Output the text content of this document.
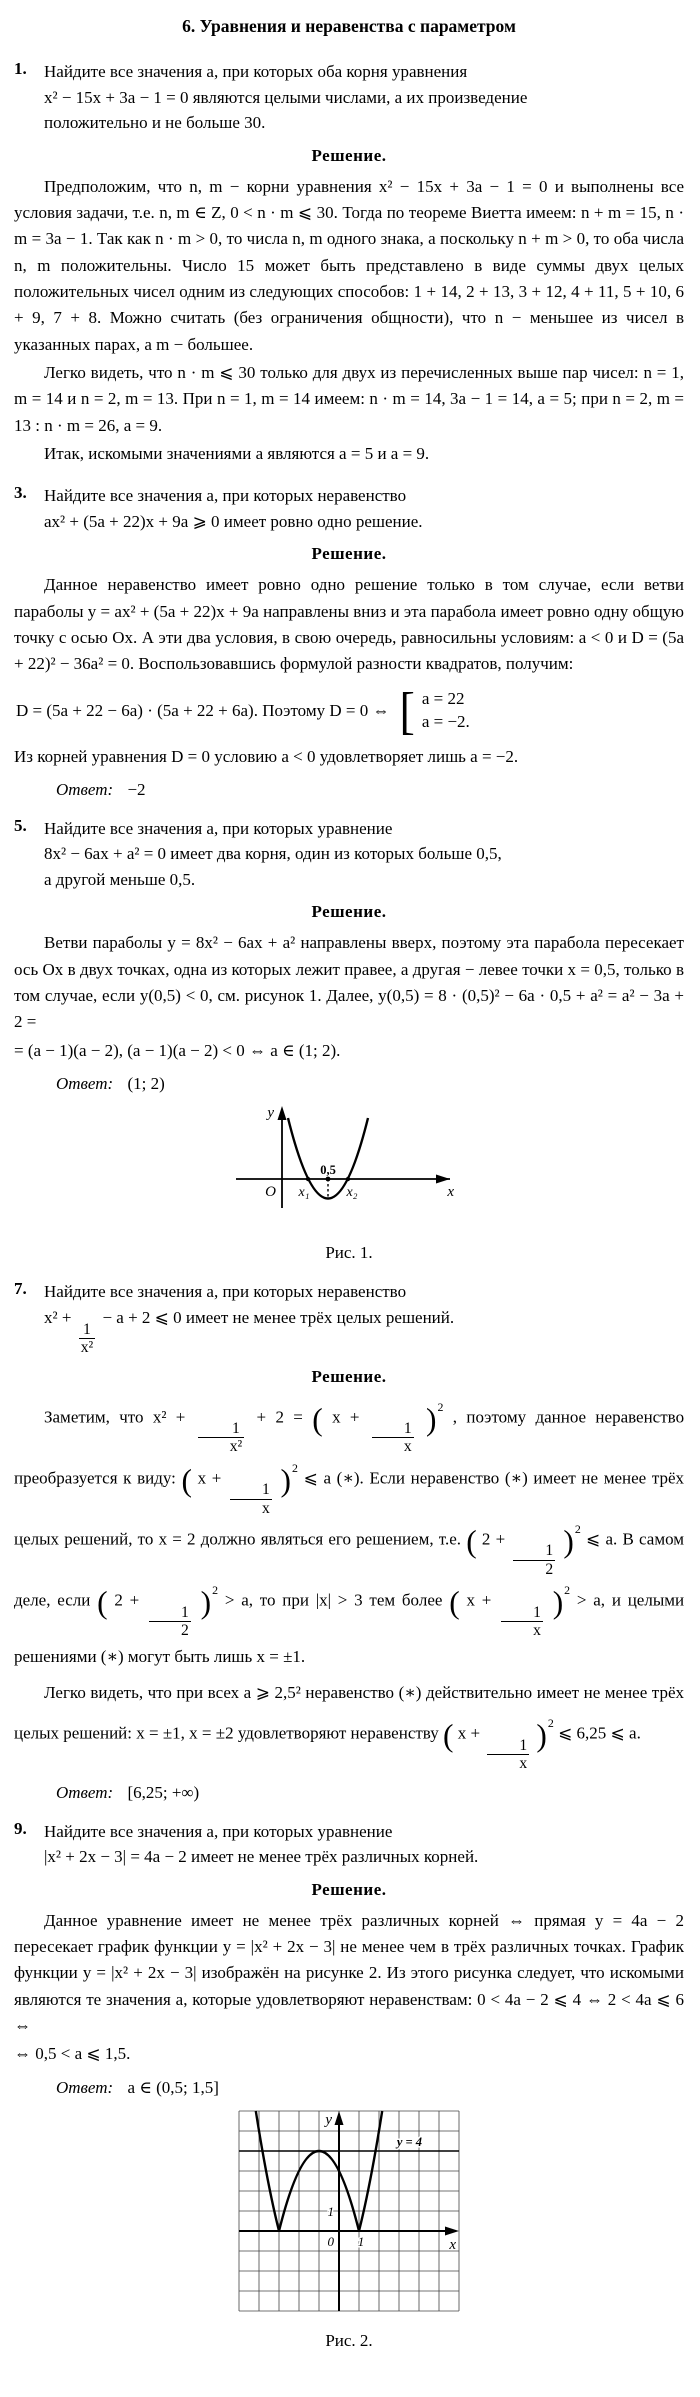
6. Уравнения и неравенства с параметром
1.	Найдите все значения a, при которых оба корня уравнения
x² − 15x + 3a − 1 = 0 являются целыми числами, а их произведение
положительно и не больше 30.
Решение.

Предположим, что n, m − корни уравнения x² − 15x + 3a − 1 = 0 и выполнены все условия задачи, т.е. n, m ∈ Z, 0 < n · m ⩽ 30. Тогда по теореме Виетта имеем: n + m = 15, n · m = 3a − 1. Так как n · m > 0, то числа n, m одного знака, а поскольку n + m > 0, то оба числа n, m положительны. Число 15 может быть представлено в виде суммы двух целых положительных чисел одним из следующих способов: 1 + 14, 2 + 13, 3 + 12, 4 + 11, 5 + 10, 6 + 9, 7 + 8. Можно считать (без ограничения общности), что n − меньшее из чисел в указанных парах, а m − большее.

Легко видеть, что n · m ⩽ 30 только для двух из перечисленных выше пар чисел: n = 1, m = 14 и n = 2, m = 13. При n = 1, m = 14 имеем: n · m = 14, 3a − 1 = 14, a = 5; при n = 2, m = 13 : n · m = 26, a = 9.

Итак, искомыми значениями a являются a = 5 и a = 9.

3.	Найдите все значения a, при которых неравенство
ax² + (5a + 22)x + 9a ⩾ 0 имеет ровно одно решение.
Решение.

Данное неравенство имеет ровно одно решение только в том случае, если ветви параболы y = ax² + (5a + 22)x + 9a направлены вниз и эта парабола имеет ровно одну общую точку с осью Ox. А эти два условия, в свою очередь, равносильны условиям: a < 0 и D = (5a + 22)² − 36a² = 0. Воспользовавшись формулой разности квадратов, получим:

D = (5a + 22 − 6a) · (5a + 22 + 6a). Поэтому D = 0 ⇔ [ a = 22
a = −2.

Из корней уравнения D = 0 условию a < 0 удовлетворяет лишь a = −2.

Ответ: −2
5.	Найдите все значения a, при которых уравнение
8x² − 6ax + a² = 0 имеет два корня, один из которых больше 0,5,
а другой меньше 0,5.
Решение.

Ветви параболы y = 8x² − 6ax + a² направлены вверх, поэтому эта парабола пересекает ось Ox в двух точках, одна из которых лежит правее, а другая − левее точки x = 0,5, только в том случае, если y(0,5) < 0, см. рисунок 1. Далее, y(0,5) = 8 · (0,5)² − 6a · 0,5 + a² = a² − 3a + 2 =

= (a − 1)(a − 2), (a − 1)(a − 2) < 0 ⇔ a ∈ (1; 2).

Ответ: (1; 2)
y
x
O x₁	x₂
0,5
Рис. 1.
7.	Найдите все значения a, при которых неравенство
x² +
$\frac{1}{\text{x²}}$
− a + 2 ⩽ 0 имеет не менее трёх целых решений.
Решение.

Заметим, что x² +
$\frac{1}{\text{x²}}$
+ 2 = ( x +
$\frac{1}{x}$
)$^2$ , поэтому данное неравенство преобразуется к виду: ( x +
$\frac{1}{x}$
)$^2$ ⩽ a (∗). Если неравенство (∗) имеет не менее трёх целых решений, то x = 2 должно являться его решением, т.е. ( 2 +
$\frac{1}{2}$
)$^2$ ⩽ a. В самом деле, если ( 2 +
$\frac{1}{2}$
)$^2$ > a, то при |x| > 3 тем более ( x +
$\frac{1}{x}$
)$^2$ > a, и целыми решениями (∗) могут быть лишь x = ±1.

Легко видеть, что при всех a ⩾ 2,5² неравенство (∗) действительно имеет не менее трёх целых решений: x = ±1, x = ±2 удовлетворяют неравенству ( x +
$\frac{1}{x}$
)$^2$ ⩽ 6,25 ⩽ a.

Ответ: [6,25; +∞)
9.	Найдите все значения a, при которых уравнение
|x² + 2x − 3| = 4a − 2 имеет не менее трёх различных корней.
Решение.

Данное уравнение имеет не менее трёх различных корней ⇔ прямая y = 4a − 2 пересекает график функции y = |x² + 2x − 3| не менее чем в трёх различных точках. График функции y = |x² + 2x − 3| изображён на рисунке 2. Из этого рисунка следует, что искомыми являются те значения a, которые удовлетворяют неравенствам: 0 < 4a − 2 ⩽ 4 ⇔ 2 < 4a ⩽ 6 ⇔

⇔ 0,5 < a ⩽ 1,5.

Ответ: a ∈ (0,5; 1,5]
y
x
y = 4
1
0 1
Рис. 2.
